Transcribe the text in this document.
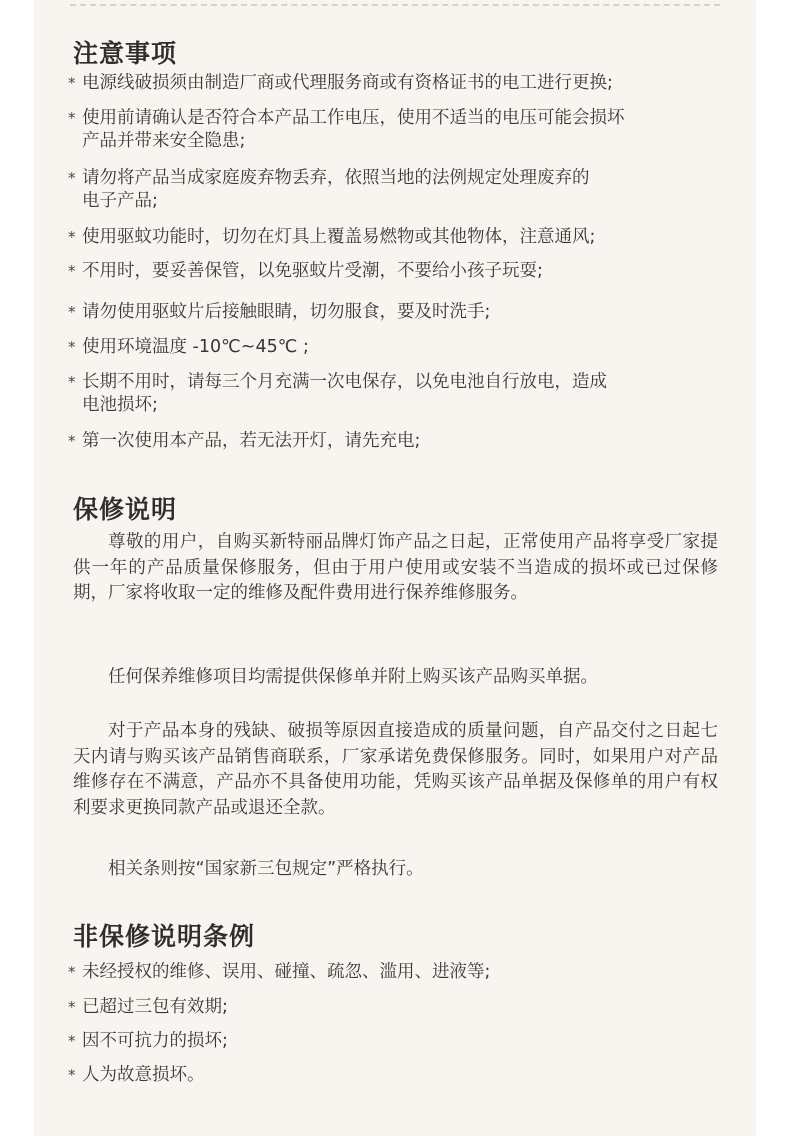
注意事项
* 电源线破损须由制造厂商或代理服务商或有资格证书的电工进行更换;
* 使用前请确认是否符合本产品工作电压，使用不适当的电压可能会损坏
产品并带来安全隐患;
* 请勿将产品当成家庭废弃物丢弃，依照当地的法例规定处理废弃的
电子产品;
* 使用驱蚊功能时，切勿在灯具上覆盖易燃物或其他物体，注意通风;
* 不用时，要妥善保管，以免驱蚊片受潮，不要给小孩子玩耍;
* 请勿使用驱蚊片后接触眼睛，切勿服食，要及时洗手;
* 使用环境温度 -10℃~45℃ ;
* 长期不用时，请每三个月充满一次电保存，以免电池自行放电，造成
电池损坏;
* 第一次使用本产品，若无法开灯，请先充电;
保修说明

尊敬的用户，自购买新特丽品牌灯饰产品之日起，正常使用产品将享受厂家提供一年的产品质量保修服务，但由于用户使用或安装不当造成的损坏或已过保修期，厂家将收取一定的维修及配件费用进行保养维修服务。

任何保养维修项目均需提供保修单并附上购买该产品购买单据。

对于产品本身的残缺、破损等原因直接造成的质量问题，自产品交付之日起七天内请与购买该产品销售商联系，厂家承诺免费保修服务。同时，如果用户对产品维修存在不满意，产品亦不具备使用功能，凭购买该产品单据及保修单的用户有权利要求更换同款产品或退还全款。

相关条则按“国家新三包规定”严格执行。

非保修说明条例
* 未经授权的维修、误用、碰撞、疏忽、滥用、进液等;
* 已超过三包有效期;
* 因不可抗力的损坏;
* 人为故意损坏。
